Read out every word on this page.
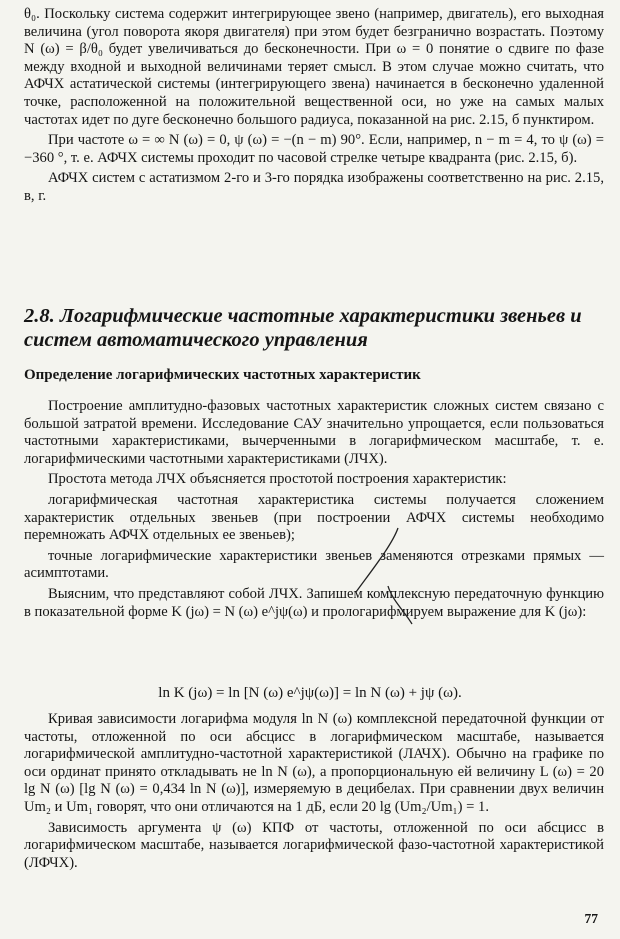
θ₀. Поскольку система содержит интегрирующее звено (например, двигатель), его выходная величина (угол поворота якоря двигателя) при этом будет безгранично возрастать. Поэтому N (ω) = β/θ₀ будет увеличиваться до бесконечности. При ω = 0 понятие о сдвиге по фазе между входной и выходной величинами теряет смысл. В этом случае можно считать, что АФЧХ астатической системы (интегрирующего звена) начинается в бесконечно удаленной точке, расположенной на положительной вещественной оси, но уже на самых малых частотах идет по дуге бесконечно большого радиуса, показанной на рис. 2.15, б пунктиром.

При частоте ω = ∞ N (ω) = 0, ψ (ω) = −(n − m) 90°. Если, например, n − m = 4, то ψ (ω) = −360 °, т. е. АФЧХ системы проходит по часовой стрелке четыре квадранта (рис. 2.15, б).

АФЧХ систем с астатизмом 2-го и 3-го порядка изображены соответственно на рис. 2.15, в, г.

2.8. Логарифмические частотные характеристики звеньев и систем автоматического управления
Определение логарифмических частотных характеристик

Построение амплитудно-фазовых частотных характеристик сложных систем связано с большой затратой времени. Исследование САУ значительно упрощается, если пользоваться частотными характеристиками, вычерченными в логарифмическом масштабе, т. е. логарифмическими частотными характеристиками (ЛЧХ).

Простота метода ЛЧХ объясняется простотой построения характеристик:

логарифмическая частотная характеристика системы получается сложением характеристик отдельных звеньев (при построении АФЧХ системы необходимо перемножать АФЧХ отдельных ее звеньев);

точные логарифмические характеристики звеньев заменяются отрезками прямых — асимптотами.

Выясним, что представляют собой ЛЧХ. Запишем комплексную передаточную функцию в показательной форме K (jω) = N (ω) e^jψ(ω) и прологарифмируем выражение для K (jω):

ln K (jω) = ln [N (ω) e^jψ(ω)] = ln N (ω) + jψ (ω).

Кривая зависимости логарифма модуля ln N (ω) комплексной передаточной функции от частоты, отложенной по оси абсцисс в логарифмическом масштабе, называется логарифмической амплитудно-частотной характеристикой (ЛАЧХ). Обычно на графике по оси ординат принято откладывать не ln N (ω), а пропорциональную ей величину L (ω) = 20 lg N (ω) [lg N (ω) = 0,434 ln N (ω)], измеряемую в децибелах. При сравнении двух величин Um₂ и Um₁ говорят, что они отличаются на 1 дБ, если 20 lg (Um₂/Um₁) = 1.

Зависимость аргумента ψ (ω) КПФ от частоты, отложенной по оси абсцисс в логарифмическом масштабе, называется логарифмической фазо-частотной характеристикой (ЛФЧХ).

77
